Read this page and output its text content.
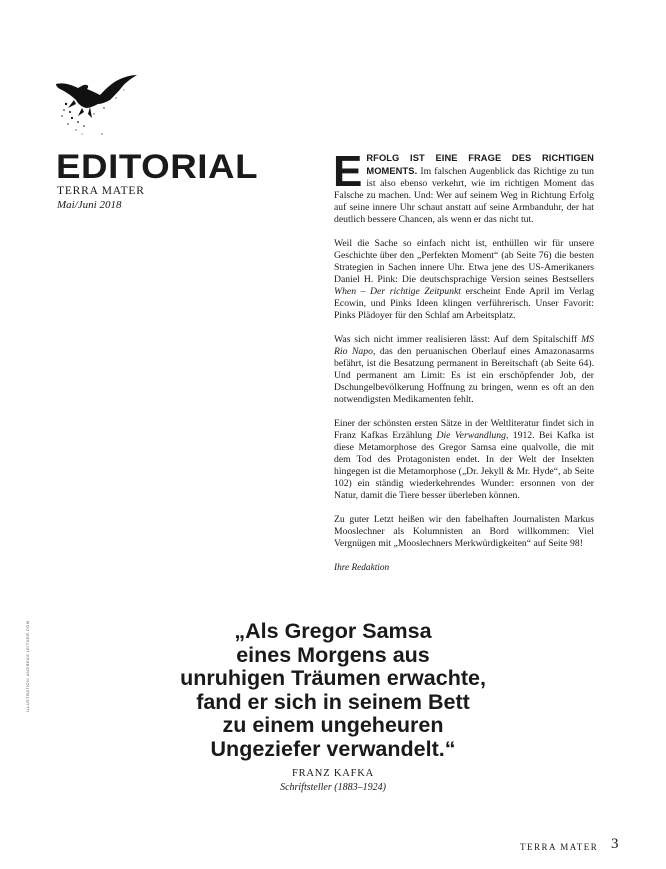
EDITORIAL
TERRA MATER
Mai/Juni 2018

ERFOLG IST EINE FRAGE DES RICHTIGEN MOMENTS. Im falschen Augenblick das Richtige zu tun ist also ebenso verkehrt, wie im richtigen Moment das Falsche zu machen. Und: Wer auf seinem Weg in Richtung Erfolg auf seine innere Uhr schaut anstatt auf seine Armbanduhr, der hat deutlich bessere Chancen, als wenn er das nicht tut.

Weil die Sache so einfach nicht ist, enthüllen wir für unsere Geschichte über den „Perfekten Moment“ (ab Seite 76) die besten Strategien in Sachen innere Uhr. Etwa jene des US-Amerikaners Daniel H. Pink: Die deutschsprachige Version seines Bestsellers When – Der richtige Zeitpunkt erscheint Ende April im Verlag Ecowin, und Pinks Ideen klingen verführerisch. Unser Favorit: Pinks Plädoyer für den Schlaf am Arbeitsplatz.

Was sich nicht immer realisieren lässt: Auf dem Spitalschiff MS Rio Napo, das den peruanischen Oberlauf eines Amazonasarms befährt, ist die Besatzung permanent in Bereitschaft (ab Seite 64). Und permanent am Limit: Es ist ein erschöpfender Job, der Dschungelbevölkerung Hoffnung zu bringen, wenn es oft an den notwendigsten Medikamenten fehlt.

Einer der schönsten ersten Sätze in der Weltliteratur findet sich in Franz Kafkas Erzählung Die Verwandlung, 1912. Bei Kafka ist diese Metamorphose des Gregor Samsa eine qualvolle, die mit dem Tod des Protagonisten endet. In der Welt der Insekten hingegen ist die Metamorphose („Dr. Jekyll & Mr. Hyde“, ab Seite 102) ein ständig wiederkehrendes Wunder: ersonnen von der Natur, damit die Tiere besser überleben können.

Zu guter Letzt heißen wir den fabelhaften Journalisten Markus Mooslechner als Kolumnisten an Bord willkommen: Viel Vergnügen mit „Mooslechners Merkwürdigkeiten“ auf Seite 98!

Ihre Redaktion

„Als Gregor Samsa
eines Morgens aus
unruhigen Träumen erwachte,
fand er sich in seinem Bett
zu einem ungeheuren
Ungeziefer verwandelt.“
FRANZ KAFKA
Schriftsteller (1883–1924)
ILLUSTRATION: ANDREAS LEITNER.COM
TERRA MATER 3
